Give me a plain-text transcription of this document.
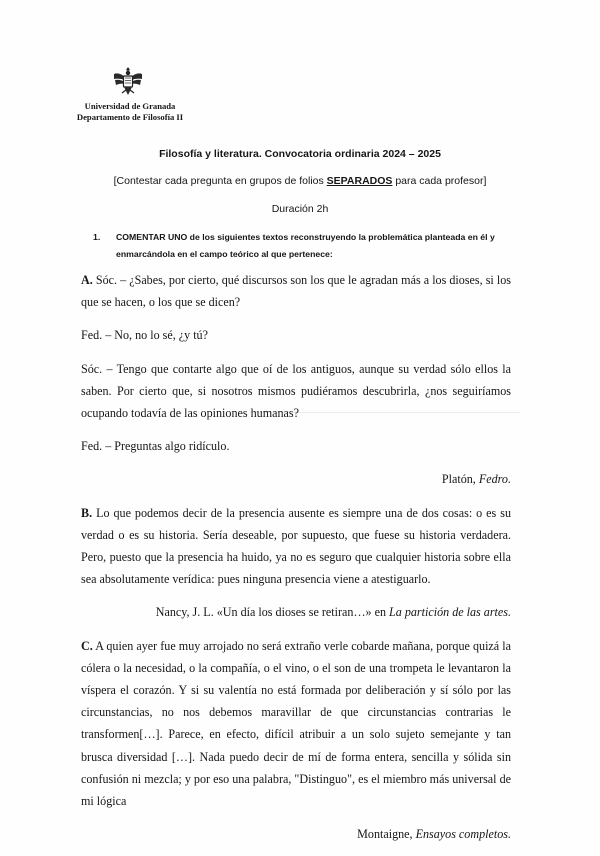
Universidad de Granada
Departamento de Filosofía II
Filosofía y literatura. Convocatoria ordinaria 2024 – 2025
[Contestar cada pregunta en grupos de folios SEPARADOS para cada profesor]
Duración 2h
1. COMENTAR UNO de los siguientes textos reconstruyendo la problemática planteada en él y enmarcándola en el campo teórico al que pertenece:

A. Sóc. – ¿Sabes, por cierto, qué discursos son los que le agradan más a los dioses, si los que se hacen, o los que se dicen?

Fed. – No, no lo sé, ¿y tú?

Sóc. – Tengo que contarte algo que oí de los antiguos, aunque su verdad sólo ellos la saben. Por cierto que, si nosotros mismos pudiéramos descubrirla, ¿nos seguiríamos ocupando todavía de las opiniones humanas?

Fed. – Preguntas algo ridículo.

Platón, Fedro.

B. Lo que podemos decir de la presencia ausente es siempre una de dos cosas: o es su verdad o es su historia. Sería deseable, por supuesto, que fuese su historia verdadera. Pero, puesto que la presencia ha huido, ya no es seguro que cualquier historia sobre ella sea absolutamente verídica: pues ninguna presencia viene a atestiguarlo.

Nancy, J. L. «Un día los dioses se retiran…» en La partición de las artes.

C. A quien ayer fue muy arrojado no será extraño verle cobarde mañana, porque quizá la cólera o la necesidad, o la compañía, o el vino, o el son de una trompeta le levantaron la víspera el corazón. Y si su valentía no está formada por deliberación y sí sólo por las circunstancias, no nos debemos maravillar de que circunstancias contrarias le transformen[…]. Parece, en efecto, difícil atribuir a un solo sujeto semejante y tan brusca diversidad […]. Nada puedo decir de mí de forma entera, sencilla y sólida sin confusión ni mezcla; y por eso una palabra, "Distinguo", es el miembro más universal de mi lógica

Montaigne, Ensayos completos.
